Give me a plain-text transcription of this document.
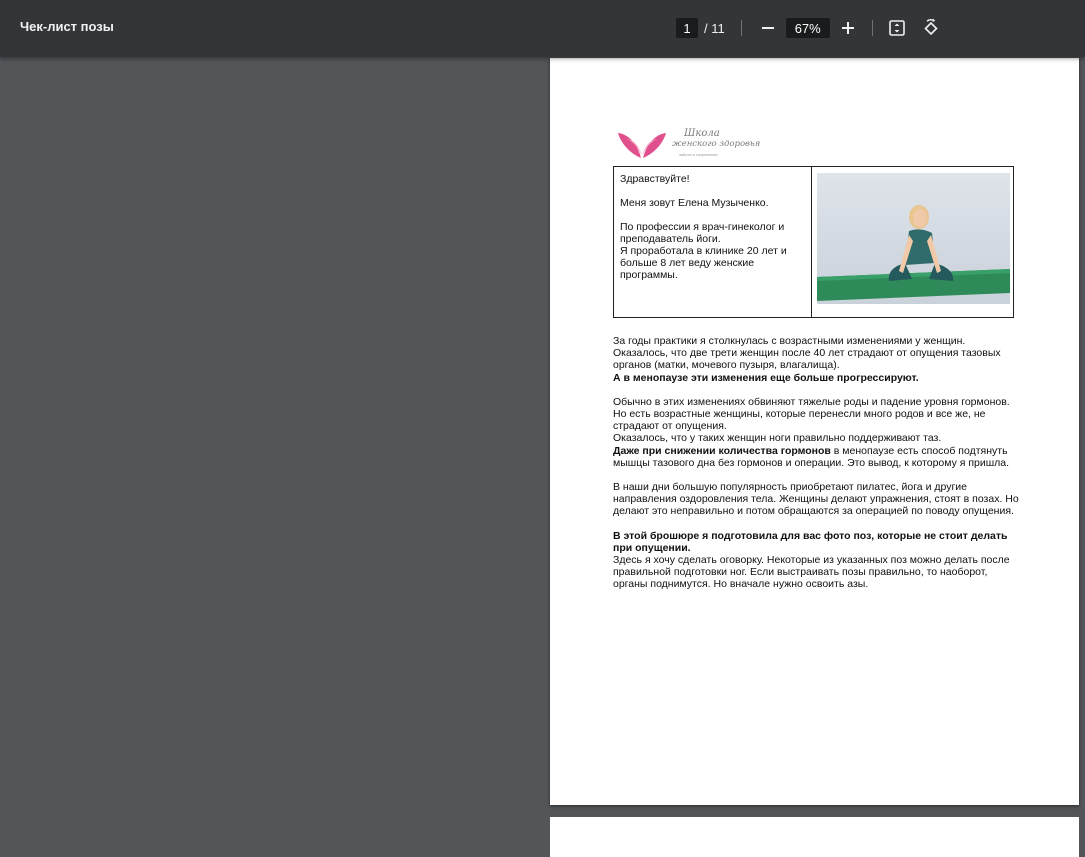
Чек-лист позы
1	/ 11
67%
Школа
женского здоровья
забота и сохранение

Здравствуйте!

Меня зовут Елена Музыченко.

По профессии я врач-гинеколог и преподаватель йоги.
Я проработала в клинике 20 лет и больше 8 лет веду женские программы.

За годы практики я столкнулась с возрастными изменениями у женщин. Оказалось, что две трети женщин после 40 лет страдают от опущения тазовых органов (матки, мочевого пузыря, влагалища).
А в менопаузе эти изменения еще больше прогрессируют.

Обычно в этих изменениях обвиняют тяжелые роды и падение уровня гормонов.
Но есть возрастные женщины, которые перенесли много родов и все же, не страдают от опущения.
Оказалось, что у таких женщин ноги правильно поддерживают таз.
Даже при снижении количества гормонов в менопаузе есть способ подтянуть мышцы тазового дна без гормонов и операции. Это вывод, к которому я пришла.

В наши дни большую популярность приобретают пилатес, йога и другие направления оздоровления тела. Женщины делают упражнения, стоят в позах. Но делают это неправильно и потом обращаются за операцией по поводу опущения.

В этой брошюре я подготовила для вас фото поз, которые не стоит делать при опущении.
Здесь я хочу сделать оговорку. Некоторые из указанных поз можно делать после правильной подготовки ног. Если выстраивать позы правильно, то наоборот, органы поднимутся. Но вначале нужно освоить азы.
